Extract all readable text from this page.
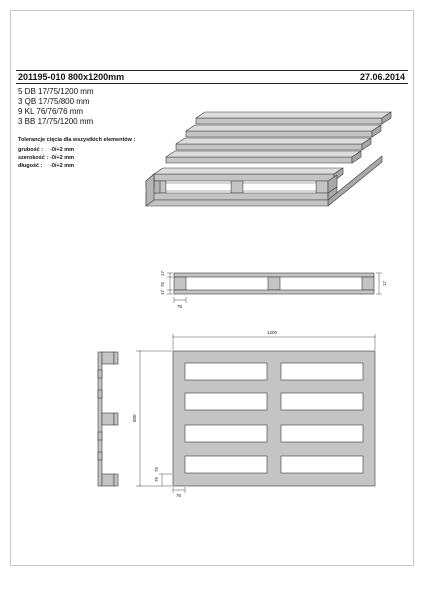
201195-010 800x1200mm	27.06.2014
5 DB 17/75/1200 mm
3 QB 17/75/800 mm
9 KL 76/76/76 mm
3 BB 17/75/1200 mm
Tolerancje cięcia dla wszystkich elementów :
grubość : -0/+2 mm
szerokość : -0/+2 mm
długość : -0/+2 mm
17
76
17
17
75
1200
800
75
75
76
